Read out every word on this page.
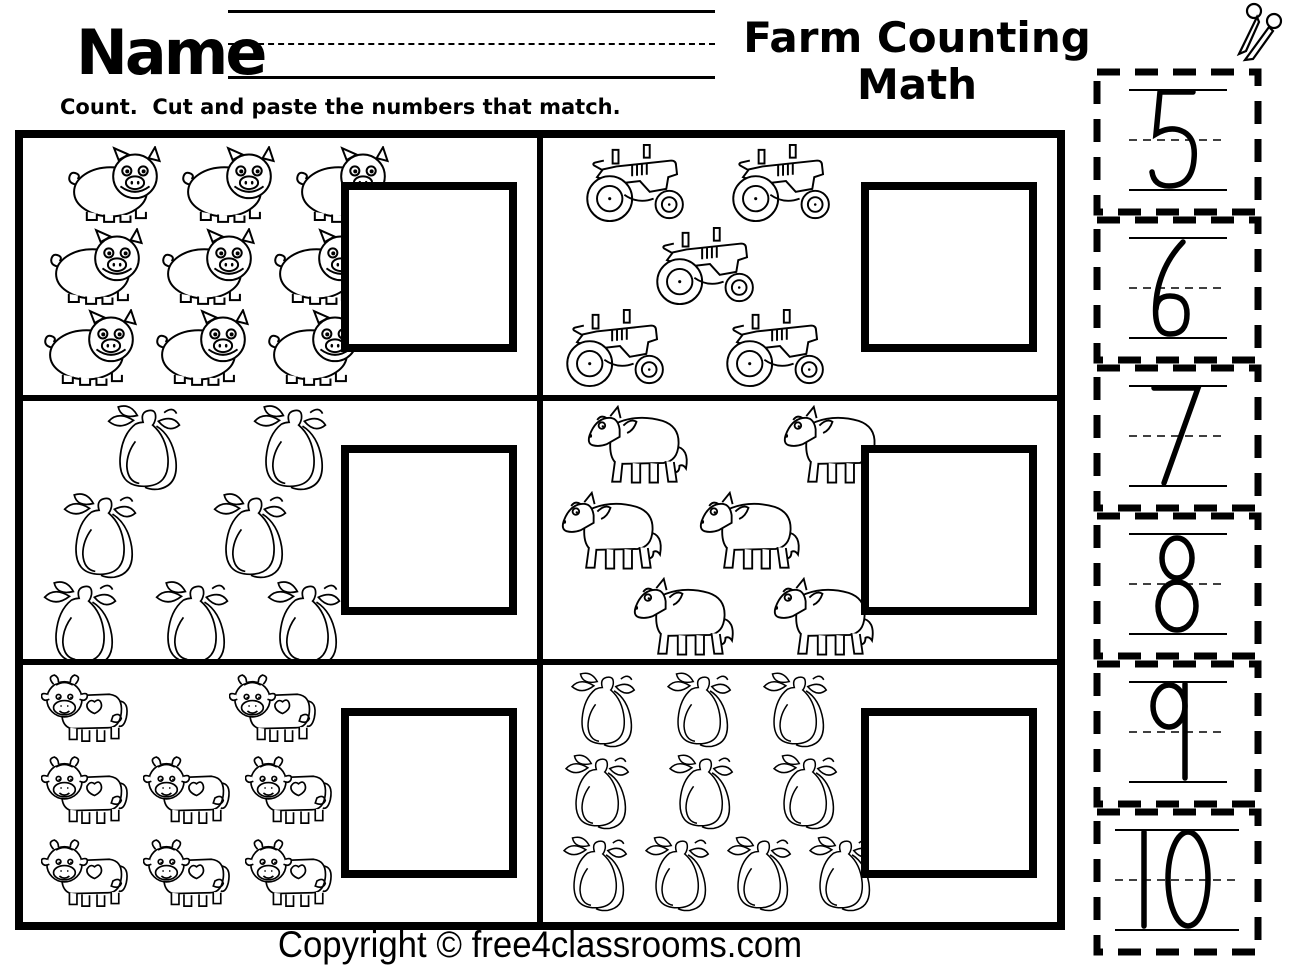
Name
Count.  Cut and paste the numbers that match.
Farm Counting
Math
Copyright © free4classrooms.com
